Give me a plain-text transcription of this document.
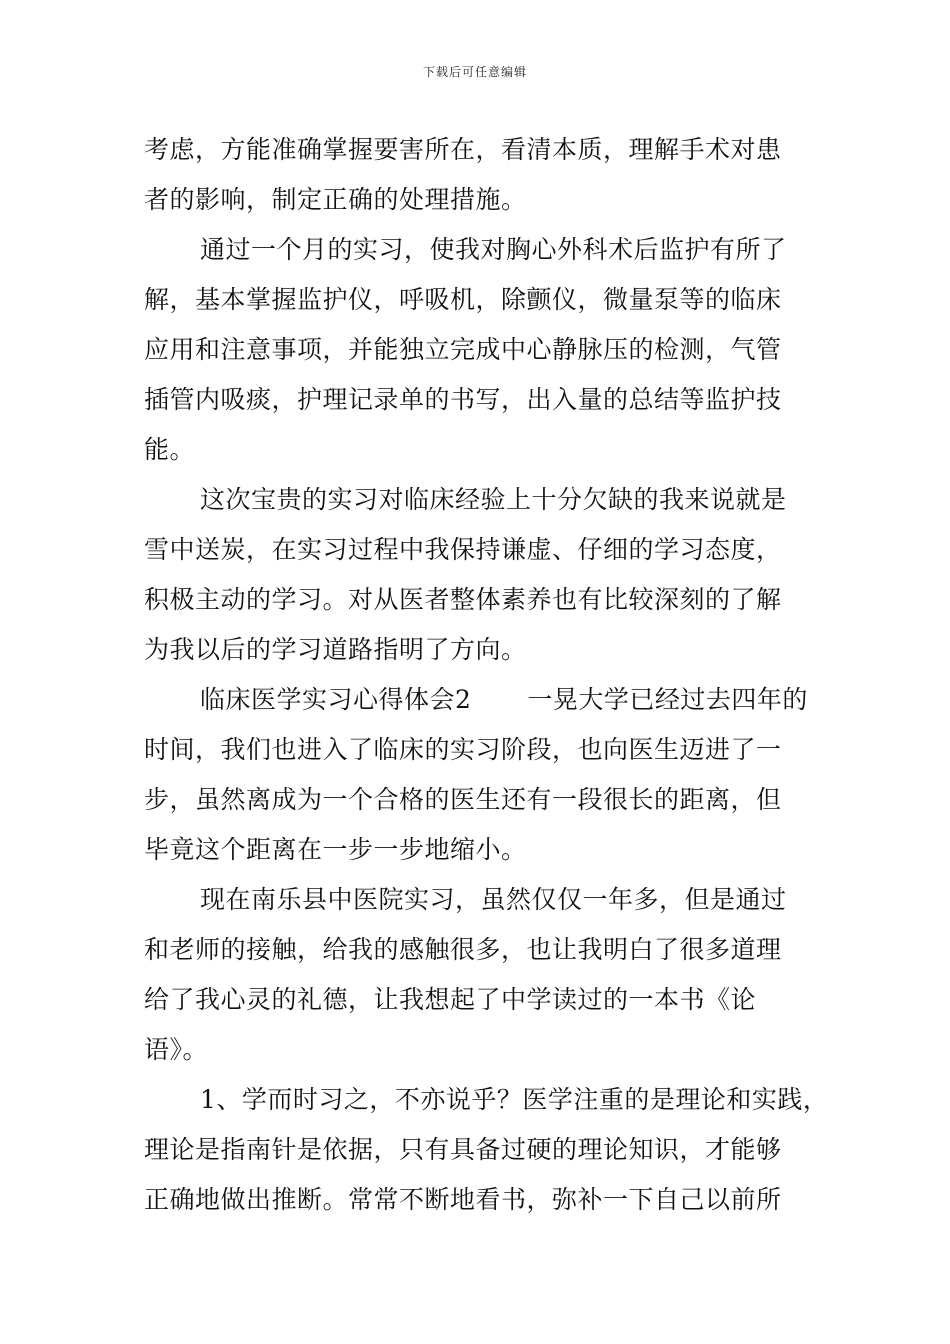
下载后可任意编辑
考虑，方能准确掌握要害所在，看清本质，理解手术对患
者的影响，制定正确的处理措施。
通过一个月的实习，使我对胸心外科术后监护有所了
解，基本掌握监护仪，呼吸机，除颤仪，微量泵等的临床
应用和注意事项，并能独立完成中心静脉压的检测，气管
插管内吸痰，护理记录单的书写，出入量的总结等监护技
能。
这次宝贵的实习对临床经验上十分欠缺的我来说就是
雪中送炭，在实习过程中我保持谦虚、仔细的学习态度，
积极主动的学习。对从医者整体素养也有比较深刻的了解
为我以后的学习道路指明了方向。
临床医学实习心得体会2 一晃大学已经过去四年的
时间，我们也进入了临床的实习阶段，也向医生迈进了一
步，虽然离成为一个合格的医生还有一段很长的距离，但
毕竟这个距离在一步一步地缩小。
现在南乐县中医院实习，虽然仅仅一年多，但是通过
和老师的接触，给我的感触很多，也让我明白了很多道理
给了我心灵的礼德，让我想起了中学读过的一本书《论
语》。
1、学而时习之，不亦说乎？医学注重的是理论和实践，
理论是指南针是依据，只有具备过硬的理论知识，才能够
正确地做出推断。常常不断地看书，弥补一下自己以前所
